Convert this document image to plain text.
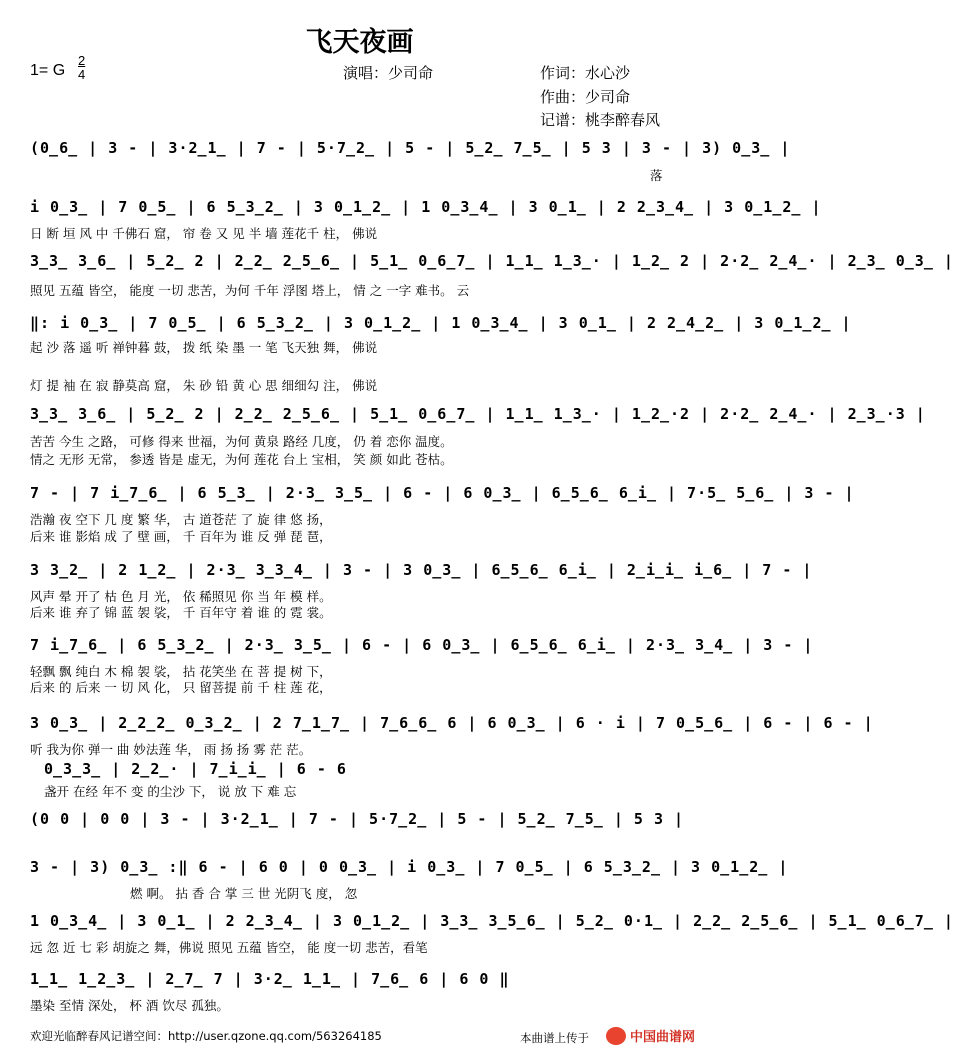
飞天夜画
1= G
2
4	演唱：少司命	作词：水心沙
作曲：少司命
记谱：桃李醉春风
(0̲6̲ | 3 - | 3·2̲1̲ | 7 - | 5·7̲2̲ | 5 - | 5̲2̲ 7̲5̲ | 5 3 | 3 - | 3) 0̲3̲ |
落
i 0̲3̲ | 7 0̲5̲ | 6 5̲3̲2̲ | 3 0̲1̲2̲ | 1 0̲3̲4̲ | 3 0̲1̲ | 2 2̲3̲4̲ | 3 0̲1̲2̲ |
日 断 垣 风 中 千佛石 窟， 帘 卷 又 见 半 墙 莲花千 柱， 佛说
3̲3̲ 3̲6̲ | 5̲2̲ 2 | 2̲2̲ 2̲5̲6̲ | 5̲1̲ 0̲6̲7̲ | 1̲1̲ 1̲3̲· | 1̲2̲ 2 | 2·2̲ 2̲4̲· | 2̲3̲ 0̲3̲ |
照见 五蕴 皆空， 能度 一切 悲苦，为何 千年 浮图 塔上， 情 之 一字 难书。 云
‖: i 0̲3̲ | 7 0̲5̲ | 6 5̲3̲2̲ | 3 0̲1̲2̲ | 1 0̲3̲4̲ | 3 0̲1̲ | 2 2̲4̲2̲ | 3 0̲1̲2̲ |
起 沙 落 遥 听 禅钟暮 鼓， 拨 纸 染 墨 一 笔 飞天独 舞， 佛说
灯 提 袖 在 寂 静莫高 窟， 朱 砂 铅 黄 心 思 细细勾 注， 佛说
3̲3̲ 3̲6̲ | 5̲2̲ 2 | 2̲2̲ 2̲5̲6̲ | 5̲1̲ 0̲6̲7̲ | 1̲1̲ 1̲3̲· | 1̲2̲·2 | 2·2̲ 2̲4̲· | 2̲3̲·3 |
苦苦 今生 之路， 可修 得来 世福，为何 黄泉 路经 几度， 仍 着 恋你 温度。
情之 无形 无常， 参透 皆是 虚无，为何 莲花 台上 宝相， 笑 颜 如此 苍枯。
7 - | 7 i̲7̲6̲ | 6 5̲3̲ | 2·3̲ 3̲5̲ | 6 - | 6 0̲3̲ | 6̲5̲6̲ 6̲i̲ | 7·5̲ 5̲6̲ | 3 - |
浩瀚 夜 空下 几 度 繁 华， 古 道苍茫 了 旋 律 悠 扬，
后来 谁 影焰 成 了 壁 画， 千 百年为 谁 反 弹 琵 琶，
3 3̲2̲ | 2 1̲2̲ | 2·3̲ 3̲3̲4̲ | 3 - | 3 0̲3̲ | 6̲5̲6̲ 6̲i̲ | 2̲i̲i̲ i̲6̲ | 7 - |
风声 晕 开了 枯 色 月 光， 依 稀照见 你 当 年 模 样。
后来 谁 弃了 锦 蓝 袈 裟， 千 百年守 着 谁 的 霓 裳。
7 i̲7̲6̲ | 6 5̲3̲2̲ | 2·3̲ 3̲5̲ | 6 - | 6 0̲3̲ | 6̲5̲6̲ 6̲i̲ | 2·3̲ 3̲4̲ | 3 - |
轻飘 飘 纯白 木 棉 袈 裟， 拈 花笑坐 在 菩 提 树 下，
后来 的 后来 一 切 风 化， 只 留菩提 前 千 柱 莲 花，
3 0̲3̲ | 2̲2̲2̲ 0̲3̲2̲ | 2 7̲1̲7̲ | 7̲6̲6̲ 6 | 6 0̲3̲ | 6 · i | 7 0̲5̲6̲ | 6 - | 6 - |
听 我为你 弹一 曲 妙法莲 华， 雨 扬 扬 雾 茫 茫。
0̲3̲3̲ | 2̲2̲· | 7̲i̲i̲ | 6 - 6
盏开 在经 年不 变 的尘沙 下， 说 放 下 难 忘
(0 0 | 0 0 | 3 - | 3·2̲1̲ | 7 - | 5·7̲2̲ | 5 - | 5̲2̲ 7̲5̲ | 5 3 |
3 - | 3) 0̲3̲ :‖ 6 - | 6 0 | 0 0̲3̲ | i 0̲3̲ | 7 0̲5̲ | 6 5̲3̲2̲ | 3 0̲1̲2̲ |
燃 啊。 拈 香 合 掌 三 世 光阴飞 度， 忽
1 0̲3̲4̲ | 3 0̲1̲ | 2 2̲3̲4̲ | 3 0̲1̲2̲ | 3̲3̲ 3̲5̲6̲ | 5̲2̲ 0·1̲ | 2̲2̲ 2̲5̲6̲ | 5̲1̲ 0̲6̲7̲ |
远 忽 近 七 彩 胡旋之 舞，佛说 照见 五蕴 皆空， 能 度一切 悲苦，看笔
1̲1̲ 1̲2̲3̲ | 2̲7̲ 7 | 3·2̲ 1̲1̲ | 7̲6̲ 6 | 6 0 ‖
墨染 至情 深处， 杯 酒 饮尽 孤独。
欢迎光临醉春风记谱空间：http://user.qzone.qq.com/563264185	本曲谱上传于	中国曲谱网
